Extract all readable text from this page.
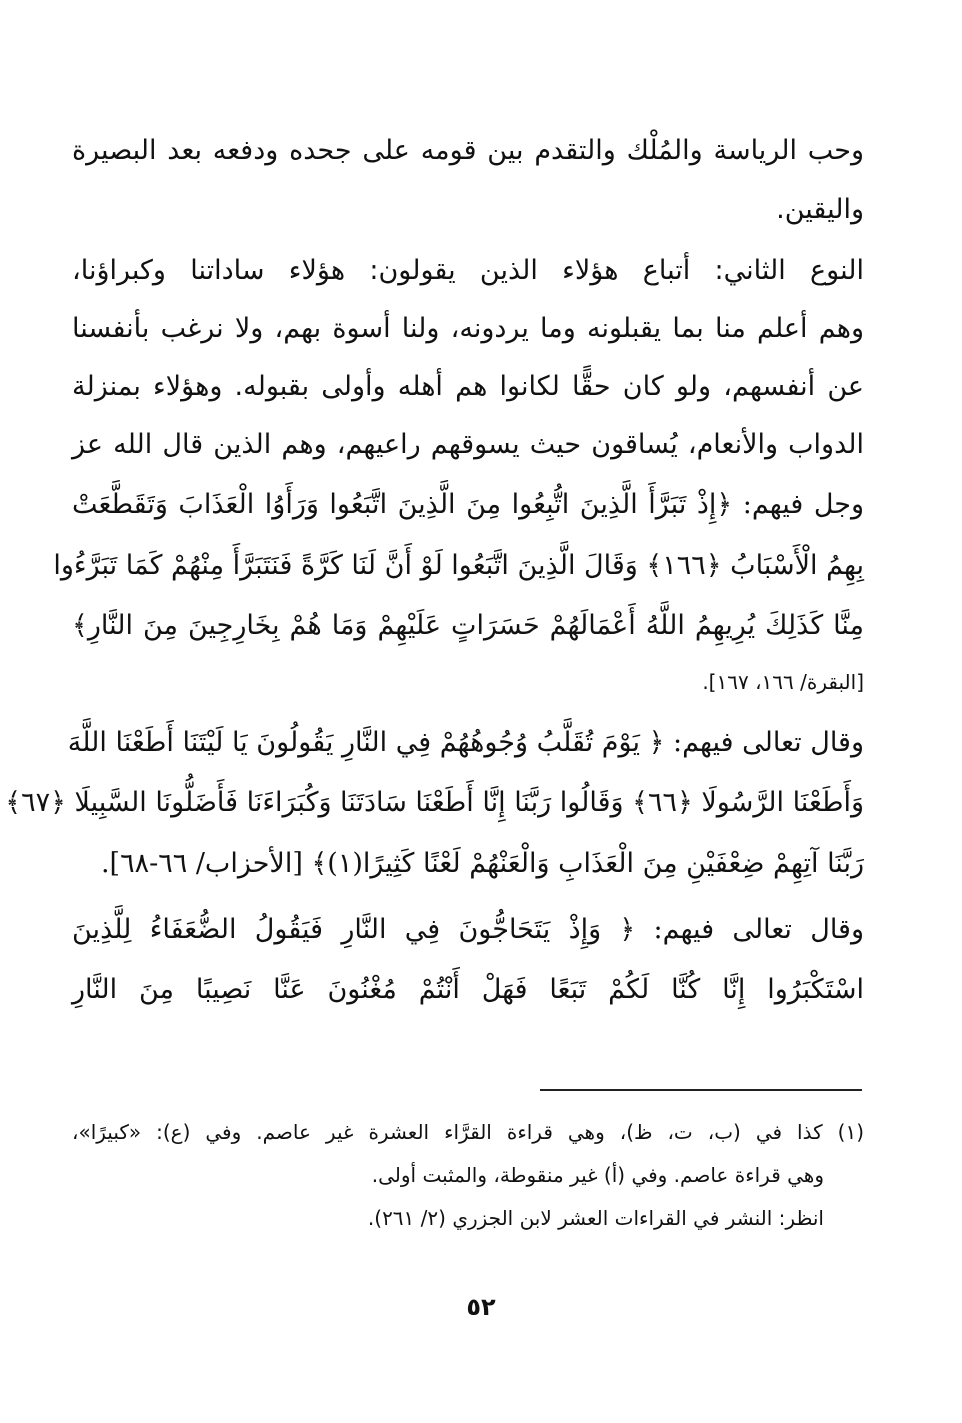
وحب الرياسة والمُلْك والتقدم بين قومه على جحده ودفعه بعد البصيرة
واليقين.
النوع الثاني: أتباع هؤلاء الذين يقولون: هؤلاء ساداتنا وكبراؤنا،
وهم أعلم منا بما يقبلونه وما يردونه، ولنا أسوة بهم، ولا نرغب بأنفسنا
عن أنفسهم، ولو كان حقًّا لكانوا هم أهله وأولى بقبوله. وهؤلاء بمنزلة
الدواب والأنعام، يُساقون حيث يسوقهم راعيهم، وهم الذين قال الله عز
وجل فيهم: ﴿إِذْ تَبَرَّأَ الَّذِينَ اتُّبِعُوا مِنَ الَّذِينَ اتَّبَعُوا وَرَأَوُا الْعَذَابَ وَتَقَطَّعَتْ
بِهِمُ الْأَسْبَابُ ﴿١٦٦﴾ وَقَالَ الَّذِينَ اتَّبَعُوا لَوْ أَنَّ لَنَا كَرَّةً فَنَتَبَرَّأَ مِنْهُمْ كَمَا تَبَرَّءُوا
مِنَّا كَذَلِكَ يُرِيهِمُ اللَّهُ أَعْمَالَهُمْ حَسَرَاتٍ عَلَيْهِمْ وَمَا هُمْ بِخَارِجِينَ مِنَ النَّارِ﴾
[البقرة/ ١٦٦، ١٦٧].
وقال تعالى فيهم: ﴿ يَوْمَ تُقَلَّبُ وُجُوهُهُمْ فِي النَّارِ يَقُولُونَ يَا لَيْتَنَا أَطَعْنَا اللَّهَ
وَأَطَعْنَا الرَّسُولَا ﴿٦٦﴾ وَقَالُوا رَبَّنَا إِنَّا أَطَعْنَا سَادَتَنَا وَكُبَرَاءَنَا فَأَضَلُّونَا السَّبِيلَا ﴿٦٧﴾
رَبَّنَا آتِهِمْ ضِعْفَيْنِ مِنَ الْعَذَابِ وَالْعَنْهُمْ لَعْنًا كَثِيرًا(١)﴾ [الأحزاب/ ٦٦-٦٨].
وقال تعالى فيهم: ﴿ وَإِذْ يَتَحَاجُّونَ فِي النَّارِ فَيَقُولُ الضُّعَفَاءُ لِلَّذِينَ
اسْتَكْبَرُوا إِنَّا كُنَّا لَكُمْ تَبَعًا فَهَلْ أَنْتُمْ مُغْنُونَ عَنَّا نَصِيبًا مِنَ النَّارِ
(١) كذا في (ب، ت، ظ)، وهي قراءة القرَّاء العشرة غير عاصم. وفي (ع): «كبيرًا»،
وهي قراءة عاصم. وفي (أ) غير منقوطة، والمثبت أولى.
انظر: النشر في القراءات العشر لابن الجزري (٢/ ٢٦١).
٥٢
